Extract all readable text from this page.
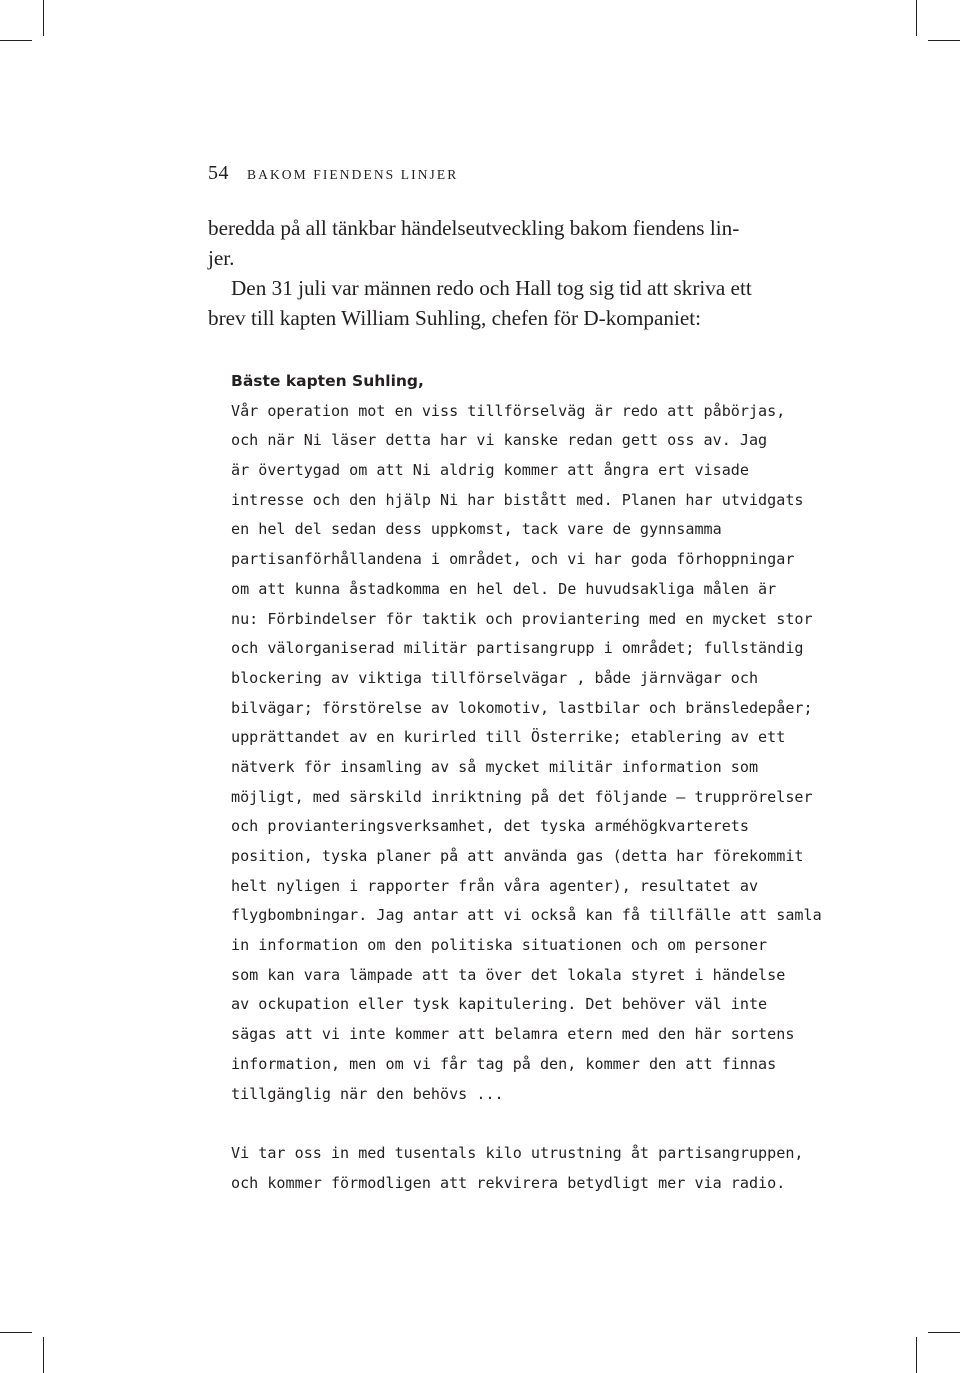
54 BAKOM FIENDENS LINJER
beredda på all tänkbar händelseutveckling bakom fiendens lin-
jer.
Den 31 juli var männen redo och Hall tog sig tid att skriva ett
brev till kapten William Suhling, chefen för D-kompaniet:
Bäste kapten Suhling,
Vår operation mot en viss tillförselväg är redo att påbörjas,
och när Ni läser detta har vi kanske redan gett oss av. Jag
är övertygad om att Ni aldrig kommer att ångra ert visade
intresse och den hjälp Ni har bistått med. Planen har utvidgats
en hel del sedan dess uppkomst, tack vare de gynnsamma
partisanförhållandena i området, och vi har goda förhoppningar
om att kunna åstadkomma en hel del. De huvudsakliga målen är
nu: Förbindelser för taktik och proviantering med en mycket stor
och välorganiserad militär partisangrupp i området; fullständig
blockering av viktiga tillförselvägar , både järnvägar och
bilvägar; förstörelse av lokomotiv, lastbilar och bränsledepåer;
upprättandet av en kurirled till Österrike; etablering av ett
nätverk för insamling av så mycket militär information som
möjligt, med särskild inriktning på det följande – trupprörelser
och provianteringsverksamhet, det tyska arméhögkvarterets
position, tyska planer på att använda gas (detta har förekommit
helt nyligen i rapporter från våra agenter), resultatet av
flygbombningar. Jag antar att vi också kan få tillfälle att samla
in information om den politiska situationen och om personer
som kan vara lämpade att ta över det lokala styret i händelse
av ockupation eller tysk kapitulering. Det behöver väl inte
sägas att vi inte kommer att belamra etern med den här sortens
information, men om vi får tag på den, kommer den att finnas
tillgänglig när den behövs ...
Vi tar oss in med tusentals kilo utrustning åt partisangruppen,
och kommer förmodligen att rekvirera betydligt mer via radio.
